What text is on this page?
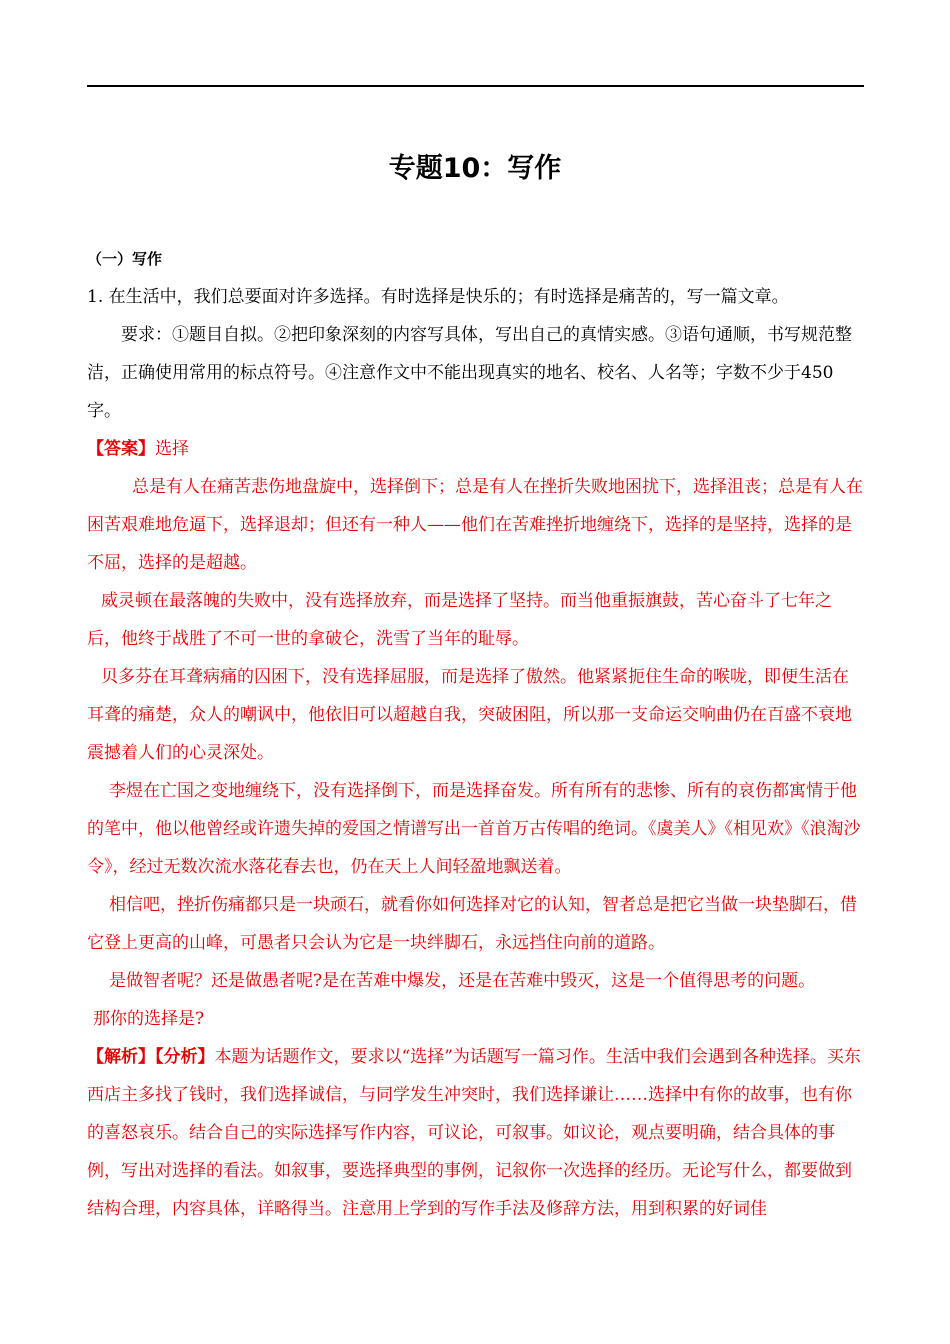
专题10：写作

（一）写作

1. 在生活中，我们总要面对许多选择。有时选择是快乐的；有时选择是痛苦的，写一篇文章。

要求：①题目自拟。②把印象深刻的内容写具体，写出自己的真情实感。③语句通顺，书写规范整洁，正确使用常用的标点符号。④注意作文中不能出现真实的地名、校名、人名等；字数不少于450字。

【答案】选择

总是有人在痛苦悲伤地盘旋中，选择倒下；总是有人在挫折失败地困扰下，选择沮丧；总是有人在困苦艰难地危逼下，选择退却；但还有一种人——他们在苦难挫折地缠绕下，选择的是坚持，选择的是不屈，选择的是超越。

威灵顿在最落魄的失败中，没有选择放弃，而是选择了坚持。而当他重振旗鼓，苦心奋斗了七年之后，他终于战胜了不可一世的拿破仑，洗雪了当年的耻辱。

贝多芬在耳聋病痛的囚困下，没有选择屈服，而是选择了傲然。他紧紧扼住生命的喉咙，即便生活在耳聋的痛楚，众人的嘲讽中，他依旧可以超越自我，突破困阻，所以那一支命运交响曲仍在百盛不衰地震撼着人们的心灵深处。

李煜在亡国之变地缠绕下，没有选择倒下，而是选择奋发。所有所有的悲惨、所有的哀伤都寓情于他的笔中，他以他曾经或许遗失掉的爱国之情谱写出一首首万古传唱的绝词。《虞美人》《相见欢》《浪淘沙令》，经过无数次流水落花春去也，仍在天上人间轻盈地飘送着。

相信吧，挫折伤痛都只是一块顽石，就看你如何选择对它的认知，智者总是把它当做一块垫脚石，借它登上更高的山峰，可愚者只会认为它是一块绊脚石，永远挡住向前的道路。

是做智者呢？还是做愚者呢?是在苦难中爆发，还是在苦难中毁灭，这是一个值得思考的问题。

那你的选择是?

【解析】【分析】本题为话题作文，要求以“选择”为话题写一篇习作。生活中我们会遇到各种选择。买东西店主多找了钱时，我们选择诚信，与同学发生冲突时，我们选择谦让……选择中有你的故事，也有你的喜怒哀乐。结合自己的实际选择写作内容，可议论，可叙事。如议论，观点要明确，结合具体的事例，写出对选择的看法。如叙事，要选择典型的事例，记叙你一次选择的经历。无论写什么，都要做到结构合理，内容具体，详略得当。注意用上学到的写作手法及修辞方法，用到积累的好词佳
